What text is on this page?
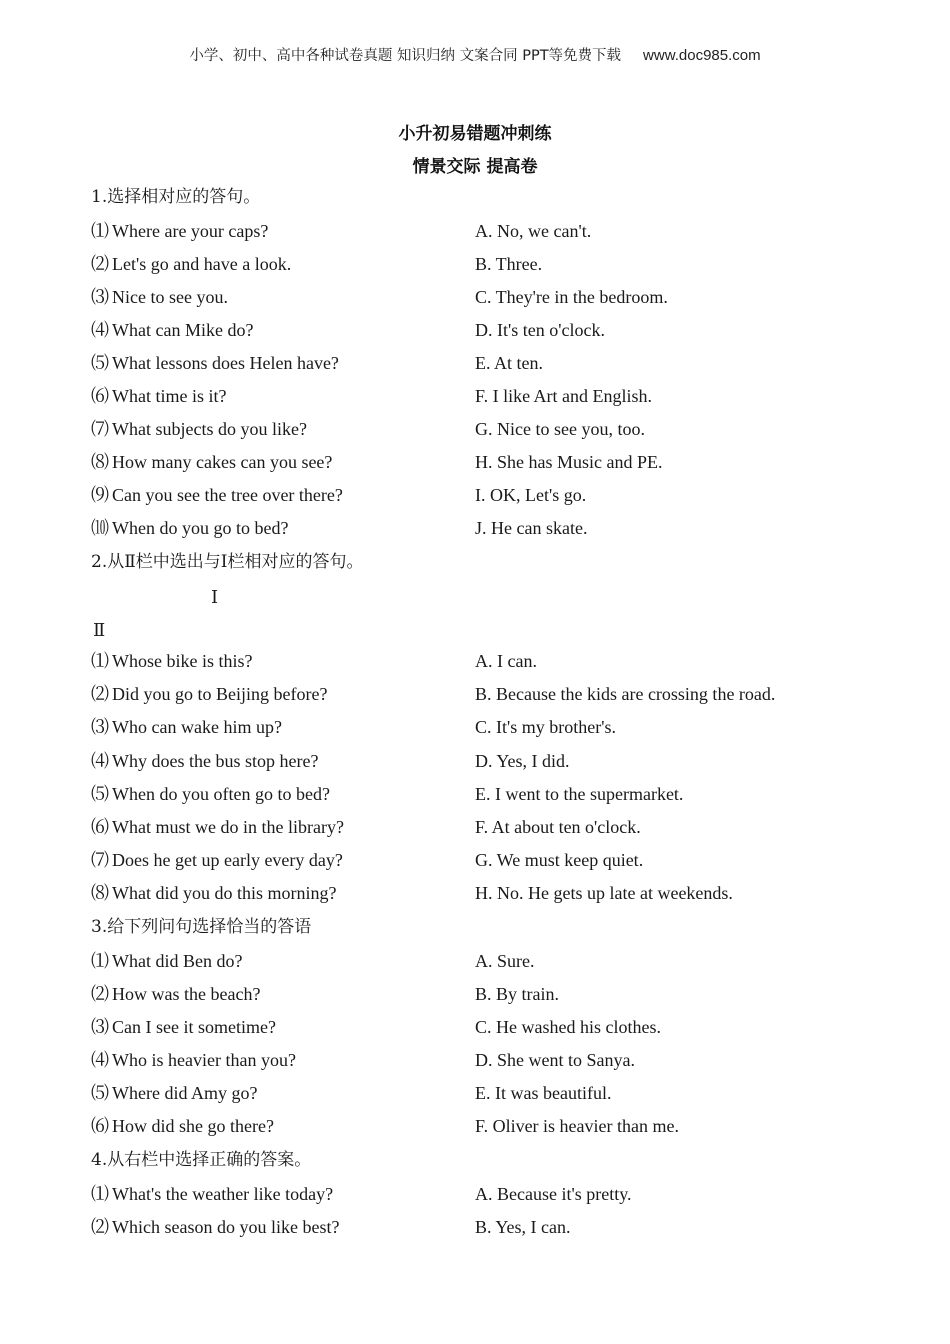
小学、初中、高中各种试卷真题 知识归纳 文案合同 PPT等免费下载 www.doc985.com
小升初易错题冲刺练
情景交际 提高卷
1.选择相对应的答句。
⑴ Where are your caps?	A. No, we can't.
⑵ Let's go and have a look.	B. Three.
⑶ Nice to see you.	C. They're in the bedroom.
⑷ What can Mike do?	D. It's ten o'clock.
⑸ What lessons does Helen have?	E. At ten.
⑹ What time is it?	F. I like Art and English.
⑺ What subjects do you like?	G. Nice to see you, too.
⑻ How many cakes can you see?	H. She has Music and PE.
⑼ Can you see the tree over there?	I. OK, Let's go.
⑽ When do you go to bed?	J. He can skate.
2.从Ⅱ栏中选出与Ⅰ栏相对应的答句。
Ⅰ
Ⅱ
⑴ Whose bike is this?	A. I can.
⑵ Did you go to Beijing before?	B. Because the kids are crossing the road.
⑶ Who can wake him up?	C. It's my brother's.
⑷ Why does the bus stop here?	D. Yes, I did.
⑸ When do you often go to bed?	E. I went to the supermarket.
⑹ What must we do in the library?	F. At about ten o'clock.
⑺ Does he get up early every day?	G. We must keep quiet.
⑻ What did you do this morning?	H. No. He gets up late at weekends.
3.给下列问句选择恰当的答语
⑴ What did Ben do?	A. Sure.
⑵ How was the beach?	B. By train.
⑶ Can I see it sometime?	C. He washed his clothes.
⑷ Who is heavier than you?	D. She went to Sanya.
⑸ Where did Amy go?	E. It was beautiful.
⑹ How did she go there?	F. Oliver is heavier than me.
4.从右栏中选择正确的答案。
⑴ What's the weather like today?	A. Because it's pretty.
⑵ Which season do you like best?	B. Yes, I can.
